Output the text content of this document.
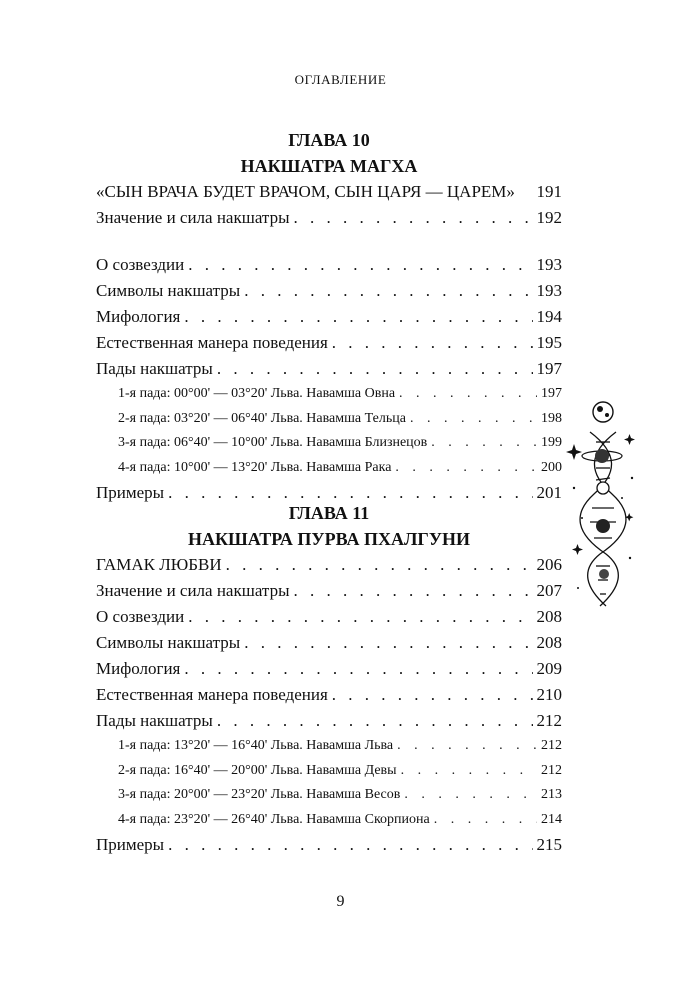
ОГЛАВЛЕНИЕ
ГЛАВА 10
НАКШАТРА МАГХА
«СЫН ВРАЧА БУДЕТ ВРАЧОМ, СЫН ЦАРЯ — ЦАРЕМ» 191
Значение и сила накшатры . . .	192
О созвездии . . .	193
Символы накшатры . . .	193
Мифология . . .	194
Естественная манера поведения . . .	195
Пады накшатры . . .	197
1-я пада: 00°00' — 03°20' Льва. Навамша Овна . . .	197
2-я пада: 03°20' — 06°40' Льва. Навамша Тельца . . .	198
3-я пада: 06°40' — 10°00' Льва. Навамша Близнецов . . .	199
4-я пада: 10°00' — 13°20' Льва. Навамша Рака . . .	200
Примеры . . .	201
ГЛАВА 11
НАКШАТРА ПУРВА ПХАЛГУНИ
ГАМАК ЛЮБВИ . . .	206
Значение и сила накшатры . . .	207
О созвездии . . .	208
Символы накшатры . . .	208
Мифология . . .	209
Естественная манера поведения . . .	210
Пады накшатры . . .	212
1-я пада: 13°20' — 16°40' Льва. Навамша Льва . . .	212
2-я пада: 16°40' — 20°00' Льва. Навамша Девы . . .	212
3-я пада: 20°00' — 23°20' Льва. Навамша Весов . . .	213
4-я пада: 23°20' — 26°40' Льва. Навамша Скорпиона . . .	214
Примеры . . .	215
9
